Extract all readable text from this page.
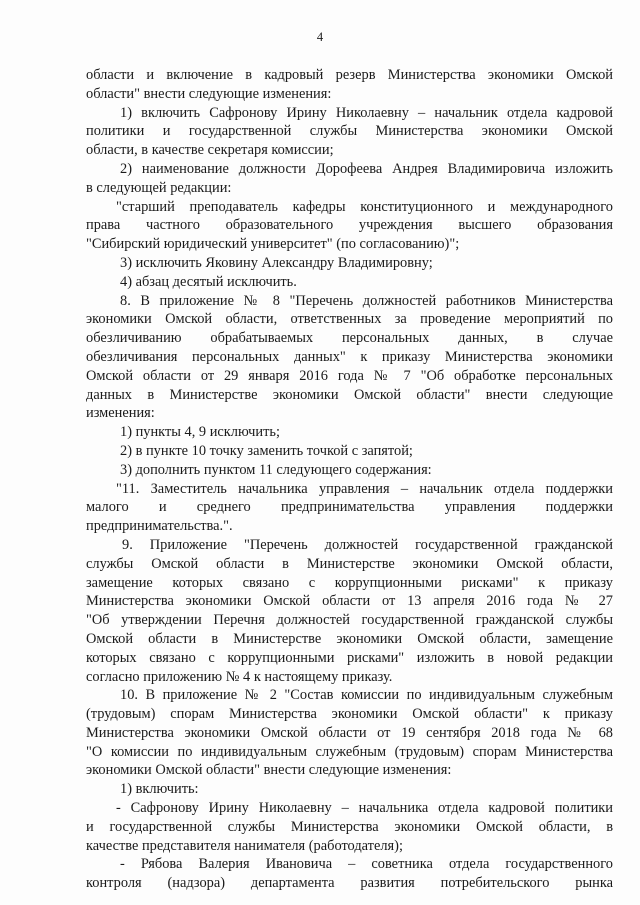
4
области и включение в кадровый резерв Министерства экономики Омской
области" внести следующие изменения:
1) включить Сафронову Ирину Николаевну – начальник отдела кадровой
политики и государственной службы Министерства экономики Омской
области, в качестве секретаря комиссии;
2) наименование должности Дорофеева Андрея Владимировича изложить
в следующей редакции:
"старший преподаватель кафедры конституционного и международного
права частного образовательного учреждения высшего образования
"Сибирский юридический университет" (по согласованию)";
3) исключить Яковину Александру Владимировну;
4) абзац десятый исключить.
8. В приложение № 8 "Перечень должностей работников Министерства
экономики Омской области, ответственных за проведение мероприятий по
обезличиванию обрабатываемых персональных данных, в случае
обезличивания персональных данных" к приказу Министерства экономики
Омской области от 29 января 2016 года № 7 "Об обработке персональных
данных в Министерстве экономики Омской области" внести следующие
изменения:
1) пункты 4, 9 исключить;
2) в пункте 10 точку заменить точкой с запятой;
3) дополнить пунктом 11 следующего содержания:
"11. Заместитель начальника управления – начальник отдела поддержки
малого и среднего предпринимательства управления поддержки
предпринимательства.".
9. Приложение "Перечень должностей государственной гражданской
службы Омской области в Министерстве экономики Омской области,
замещение которых связано с коррупционными рисками" к приказу
Министерства экономики Омской области от 13 апреля 2016 года № 27
"Об утверждении Перечня должностей государственной гражданской службы
Омской области в Министерстве экономики Омской области, замещение
которых связано с коррупционными рисками" изложить в новой редакции
согласно приложению № 4 к настоящему приказу.
10. В приложение № 2 "Состав комиссии по индивидуальным служебным
(трудовым) спорам Министерства экономики Омской области" к приказу
Министерства экономики Омской области от 19 сентября 2018 года № 68
"О комиссии по индивидуальным служебным (трудовым) спорам Министерства
экономики Омской области" внести следующие изменения:
1) включить:
- Сафронову Ирину Николаевну – начальника отдела кадровой политики
и государственной службы Министерства экономики Омской области, в
качестве представителя нанимателя (работодателя);
- Рябова Валерия Ивановича – советника отдела государственного
контроля (надзора) департамента развития потребительского рынка
